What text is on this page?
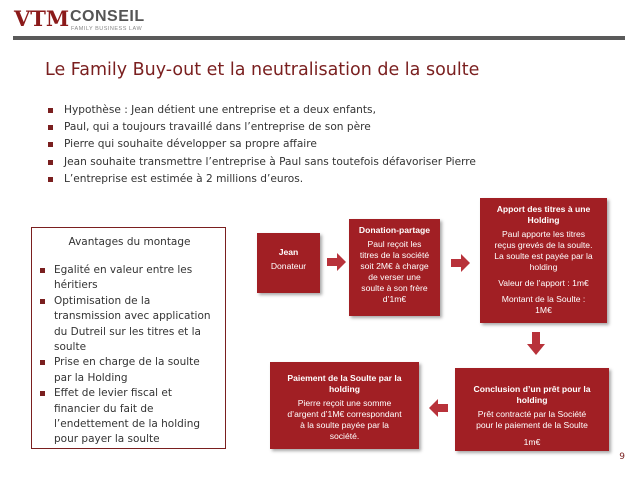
VTM CONSEIL
FAMILY BUSINESS LAW
Le Family Buy-out et la neutralisation de la soulte
Hypothèse : Jean détient une entreprise et a deux enfants,
Paul, qui a toujours travaillé dans l’entreprise de son père
Pierre qui souhaite développer sa propre affaire
Jean souhaite transmettre l’entreprise à Paul sans toutefois défavoriser Pierre
L’entreprise est estimée à 2 millions d’euros.
Avantages du montage
Egalité en valeur entre les héritiers
Optimisation de la transmission avec application du Dutreil sur les titres et la soulte
Prise en charge de la soulte par la Holding
Effet de levier fiscal et financier du fait de l’endettement de la holding pour payer la soulte
Jean
Donateur
Donation-partage
Paul reçoit les
titres de la société
soit 2M€ à charge
de verser une
soulte à son frère
d’1m€
Apport des titres à une
Holding
Paul apporte les titres
reçus grevés de la soulte.
La soulte est payée par la
holding
Valeur de l’apport : 1m€
Montant de la Soulte :
1M€
Conclusion d’un prêt pour la
holding
Prêt contracté par la Société
pour le paiement de la Soulte
1m€
Paiement de la Soulte par la
holding
Pierre reçoit une somme
d’argent d’1M€ correspondant
à la soulte payée par la
société.
9
